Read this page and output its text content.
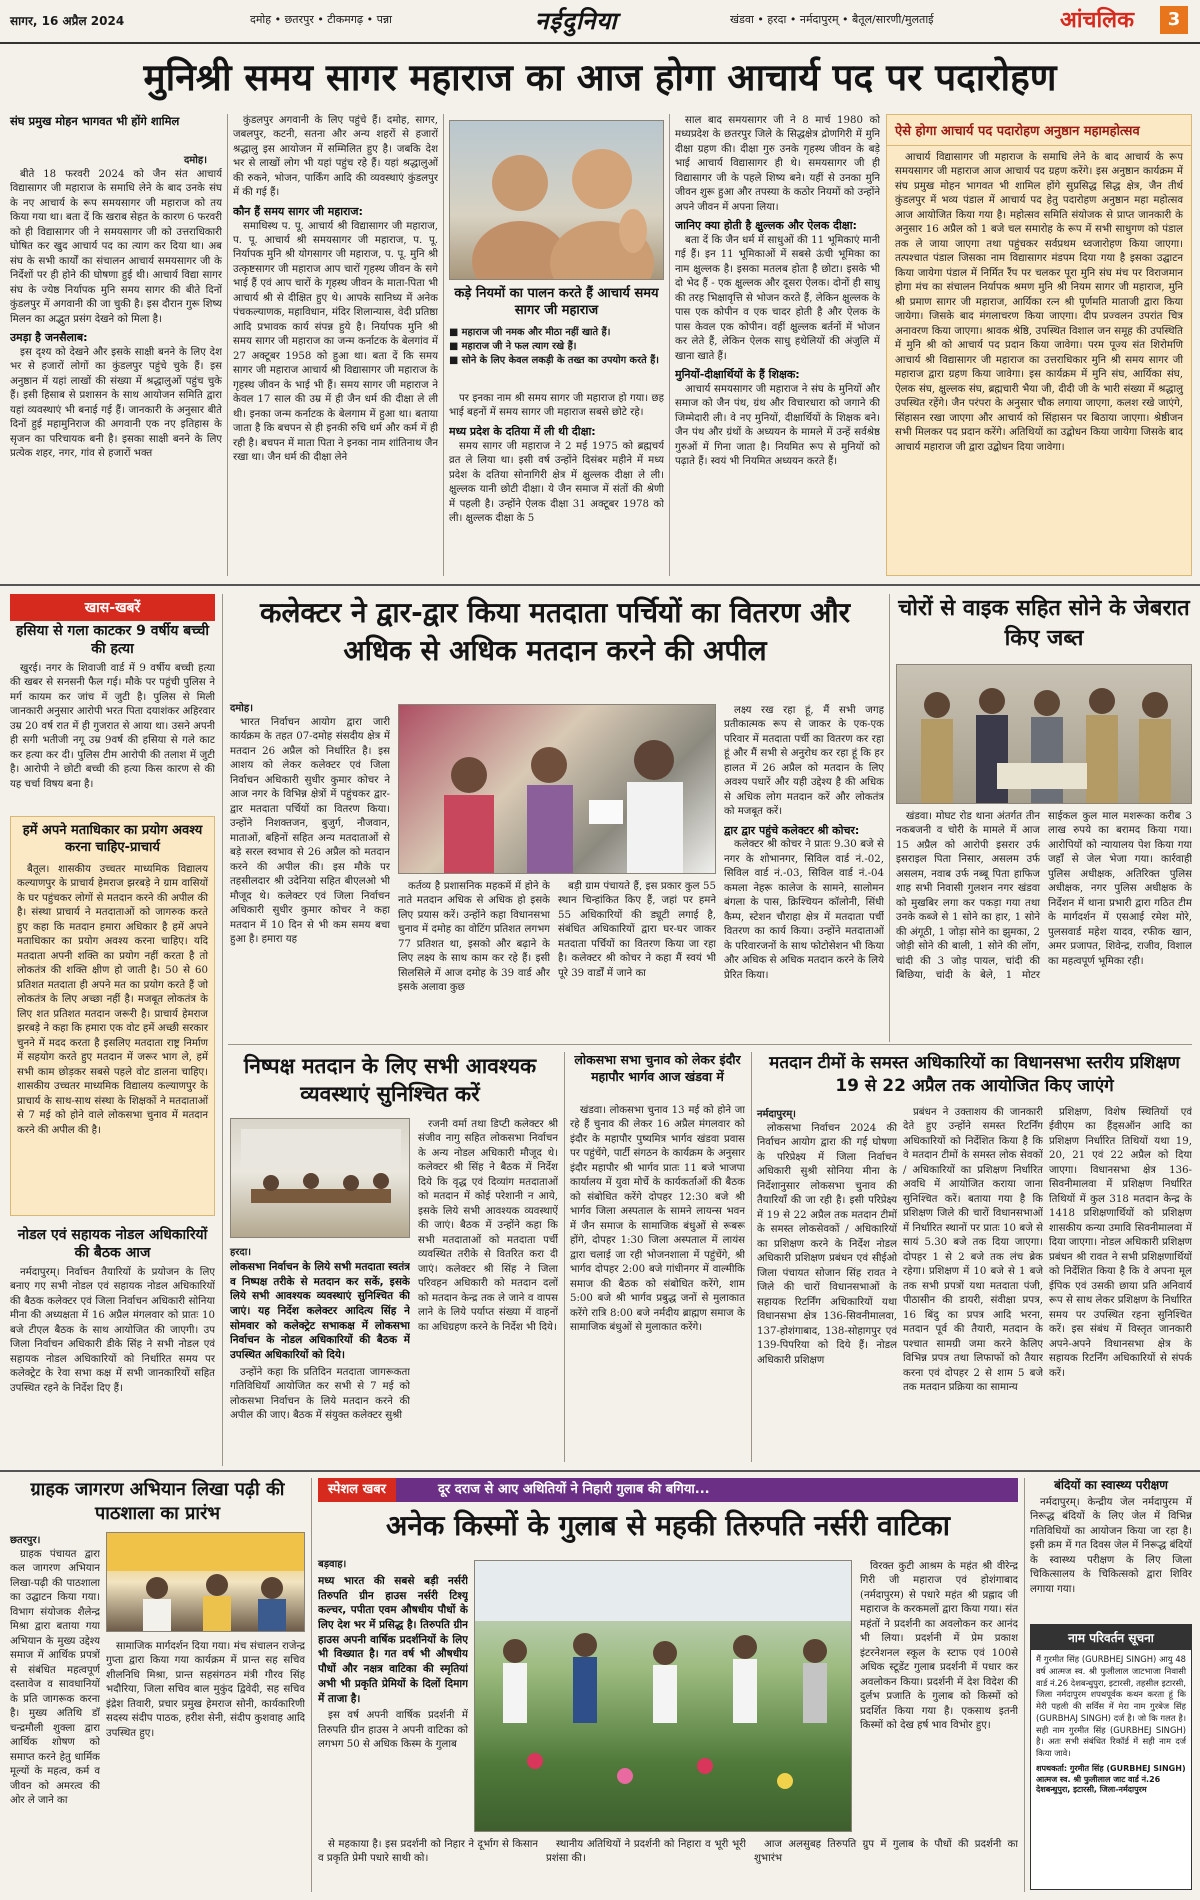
सागर, 16 अप्रैल 2024	दमोह • छतरपुर • टीकमगढ़ • पन्ना	नईदुनिया	खंडवा • हरदा • नर्मदापुरम् • बैतूल/सारणी/मुलताई	आंचलिक	3
मुनिश्री समय सागर महाराज का आज होगा आचार्य पद पर पदारोहण
संघ प्रमुख मोहन भागवत भी होंगे शामिल
दमोह।

बीते 18 फरवरी 2024 को जैन संत आचार्य विद्यासागर जी महाराज के समाधि लेने के बाद उनके संघ के नए आचार्य के रूप समयसागर जी महाराज को तय किया गया था। बता दें कि खराब सेहत के कारण 6 फरवरी को ही विद्यासागर जी ने समयसागर जी को उत्तराधिकारी घोषित कर खुद आचार्य पद का त्याग कर दिया था। अब संघ के सभी कार्यों का संचालन आचार्य समयसागर जी के निर्देशों पर ही होने की घोषणा हुई थी। आचार्य विद्या सागर संघ के ज्येष्ठ निर्यापक मुनि समय सागर की बीते दिनों कुंडलपुर में अगवानी की जा चुकी है। इस दौरान गुरू शिष्य मिलन का अद्भुत प्रसंग देखने को मिला है।

उमड़ा है जनसैलाब:

इस दृश्य को देखने और इसके साक्षी बनने के लिए देश भर से हजारों लोगों का कुंडलपुर पहुंचे चुके हैं। इस अनुष्ठान में यहां लाखों की संख्या में श्रद्धालुओं पहुंच चुके हैं। इसी हिसाब से प्रशासन के साथ आयोजन समिति द्वारा यहां व्यवस्थाएं भी बनाई गई हैं। जानकारी के अनुसार बीते दिनों हुई महामुनिराज की अगवानी एक नए इतिहास के सृजन का परिचायक बनी है। इसका साक्षी बनने के लिए प्रत्येक शहर, नगर, गांव से हजारों भक्त

कुंडलपुर अगवानी के लिए पहुंचे हैं। दमोह, सागर, जबलपुर, कटनी, सतना और अन्य शहरों से हजारों श्रद्धालु इस आयोजन में सम्मिलित हुए है। जबकि देश भर से लाखों लोग भी यहां पहुंच रहे हैं। यहां श्रद्धालुओं की रुकने, भोजन, पार्किंग आदि की व्यवस्थाएं कुंडलपुर में की गई हैं।

कौन हैं समय सागर जी महाराज:

समाधिस्थ प. पू. आचार्य श्री विद्यासागर जी महाराज, प. पू. आचार्य श्री समयसागर जी महाराज, प. पू. निर्यापक मुनि श्री योगसागर जी महाराज, प. पू. मुनि श्री उत्कृष्टसागर जी महाराज आप चारों गृहस्थ जीवन के सगे भाई हैं एवं आप चारों के गृहस्थ जीवन के माता-पिता भी आचार्य श्री से दीक्षित हुए थे। आपके सानिध्य में अनेक पंचकल्याणक, महाविधान, मंदिर शिलान्यास, वेदी प्रतिष्ठा आदि प्रभावक कार्य संपन्न हुये है। निर्यापक मुनि श्री समय सागर जी महाराज का जन्म कर्नाटक के बेलगांव में 27 अक्टूबर 1958 को हुआ था। बता दें कि समय सागर जी महाराज आचार्य श्री विद्यासागर जी महाराज के गृहस्थ जीवन के भाई भी हैं। समय सागर जी महाराज ने केवल 17 साल की उम्र में ही जैन धर्म की दीक्षा ले ली थी। इनका जन्म कर्नाटक के बेलगाम में हुआ था। बताया जाता है कि बचपन से ही इनकी रुचि धर्म और कर्म में ही रही है। बचपन में माता पिता ने इनका नाम शांतिनाथ जैन रखा था। जैन धर्म की दीक्षा लेने

कड़े नियमों का पालन करते हैं आचार्य समय सागर जी महाराज
■ महाराज जी नमक और मीठा नहीं खाते हैं।
■ महाराज जी ने फल त्याग रखे हैं।
■ सोने के लिए केवल लकड़ी के तख्त का उपयोग करते हैं।

पर इनका नाम श्री समय सागर जी महाराज हो गया। छह भाई बहनों में समय सागर जी महाराज सबसे छोटे रहे।

मध्य प्रदेश के दतिया में ली थी दीक्षा:

समय सागर जी महाराज ने 2 मई 1975 को ब्रह्मचर्य व्रत ले लिया था। इसी वर्ष उन्होंने दिसंबर महीने में मध्य प्रदेश के दतिया सोनागिरी क्षेत्र में क्षुल्लक दीक्षा ले ली। क्षुल्लक यानी छोटी दीक्षा। ये जैन समाज में संतों की श्रेणी में पहली है। उन्होंने ऐलक दीक्षा 31 अक्टूबर 1978 को ली। क्षुल्लक दीक्षा के 5

साल बाद समयसागर जी ने 8 मार्च 1980 को मध्यप्रदेश के छतरपुर जिले के सिद्धक्षेत्र द्रोणगिरी में मुनि दीक्षा ग्रहण की। दीक्षा गुरु उनके गृहस्थ जीवन के बड़े भाई आचार्य विद्यासागर ही थे। समयसागर जी ही विद्यासागर जी के पहले शिष्य बने। यहीं से उनका मुनि जीवन शुरू हुआ और तपस्या के कठोर नियमों को उन्होंने अपने जीवन में अपना लिया।

जानिए क्या होती है क्षुल्लक और ऐलक दीक्षा:

बता दें कि जैन धर्म में साधुओं की 11 भूमिकाएं मानी गई हैं। इन 11 भूमिकाओं में सबसे ऊंची भूमिका का नाम क्षुल्लक है। इसका मतलब होता है छोटा। इसके भी दो भेद हैं - एक क्षुल्लक और दूसरा ऐलक। दोनों ही साधु की तरह भिक्षावृत्ति से भोजन करते हैं, लेकिन क्षुल्लक के पास एक कोपीन व एक चादर होती है और ऐलक के पास केवल एक कोपीन। वहीं क्षुल्लक बर्तनों में भोजन कर लेते हैं, लेकिन ऐलक साधु हथेलियों की अंजुलि में खाना खाते हैं।

मुनियों-दीक्षार्थियों के हैं शिक्षक:

आचार्य समयसागर जी महाराज ने संघ के मुनियों और समाज को जैन पंथ, ग्रंथ और विचारधारा को जगाने की जिम्मेदारी ली। वे नए मुनियों, दीक्षार्थियों के शिक्षक बने। जैन पंथ और ग्रंथों के अध्ययन के मामले में उन्हें सर्वश्रेष्ठ गुरुओं में गिना जाता है। नियमित रूप से मुनियों को पढ़ाते हैं। स्वयं भी नियमित अध्ययन करते हैं।

ऐसे होगा आचार्य पद पदारोहण अनुष्ठान महामहोत्सव

आचार्य विद्यासागर जी महाराज के समाधि लेने के बाद आचार्य के रूप समयसागर जी महाराज आज आचार्य पद ग्रहण करेंगे। इस अनुष्ठान कार्यक्रम में संघ प्रमुख मोहन भागवत भी शामिल होंगे सुप्रसिद्ध सिद्ध क्षेत्र, जैन तीर्थ कुंडलपुर में भव्य पंडाल में आचार्य पद हेतु पदारोहण अनुष्ठान महा महोत्सव आज आयोजित किया गया है। महोत्सव समिति संयोजक से प्राप्त जानकारी के अनुसार 16 अप्रैल को 1 बजे चल समारोह के रूप में सभी साधुगण को पंडाल तक ले जाया जाएगा तथा पहुंचकर सर्वप्रथम ध्वजारोहण किया जाएगा। तत्पश्चात पंडाल जिसका नाम विद्यासागर मंडपम दिया गया है इसका उद्घाटन किया जायेगा पंडाल में निर्मित रैंप पर चलकर पूरा मुनि संघ मंच पर विराजमान होगा मंच का संचालन निर्यापक श्रमण मुनि श्री नियम सागर जी महाराज, मुनि श्री प्रमाण सागर जी महाराज, आर्यिका रत्न श्री पूर्णमति माताजी द्वारा किया जायेगा। जिसके बाद मंगलाचरण किया जाएगा। दीप प्रज्वलन उपरांत चित्र अनावरण किया जाएगा। श्रावक श्रेष्ठि, उपस्थित विशाल जन समूह की उपस्थिति में मुनि श्री को आचार्य पद प्रदान किया जावेगा। परम पूज्य संत शिरोमणि आचार्य श्री विद्यासागर जी महाराज का उत्तराधिकार मुनि श्री समय सागर जी महाराज द्वारा ग्रहण किया जावेगा। इस कार्यक्रम में मुनि संघ, आर्यिका संघ, ऐलक संघ, क्षुल्लक संघ, ब्रह्मचारी भैया जी, दीदी जी के भारी संख्या में श्रद्धालु उपस्थित रहेंगे। जैन परंपरा के अनुसार चौक लगाया जाएगा, कलश रखे जाएंगे, सिंहासन रखा जाएगा और आचार्य को सिंहासन पर बिठाया जाएगा। श्रेष्ठीजन सभी मिलकर पद प्रदान करेंगे। अतिथियों का उद्बोधन किया जायेगा जिसके बाद आचार्य महाराज जी द्वारा उद्बोधन दिया जावेगा।

खास-खबरें
हसिया से गला काटकर 9 वर्षीय बच्ची की हत्या

खुरई। नगर के शिवाजी वार्ड में 9 वर्षीय बच्ची हत्या की खबर से सनसनी फैल गई। मौके पर पहुंची पुलिस ने मर्ग कायम कर जांच में जुटी है। पुलिस से मिली जानकारी अनुसार आरोपी भरत पिता दयाशंकर अहिरवार उम्र 20 वर्ष रात में ही गुजरात से आया था। उसने अपनी ही सगी भतीजी नगू उम्र 9वर्ष की हसिया से गले काट कर हत्या कर दी। पुलिस टीम आरोपी की तलाश में जुटी है। आरोपी ने छोटी बच्ची की हत्या किस कारण से की यह चर्चा विषय बना है।

हमें अपने मताधिकार का प्रयोग अवश्य करना चाहिए-प्राचार्य

बैतूल। शासकीय उच्चतर माध्यमिक विद्यालय कल्याणपुर के प्राचार्य हेमराज झरबड़े ने ग्राम वासियों के घर पहुंचकर लोगों से मतदान करने की अपील की है। संस्था प्राचार्य ने मतदाताओं को जागरुक करते हुए कहा कि मतदान हमारा अधिकार है हमें अपने मताधिकार का प्रयोग अवश्य करना चाहिए। यदि मतदाता अपनी शक्ति का प्रयोग नहीं करता है तो लोकतंत्र की शक्ति क्षीण हो जाती है। 50 से 60 प्रतिशत मतदाता ही अपने मत का प्रयोग करते हैं जो लोकतंत्र के लिए अच्छा नहीं है। मजबूत लोकतंत्र के लिए शत प्रतिशत मतदान जरूरी है। प्राचार्य हेमराज झरबड़े ने कहा कि हमारा एक वोट हमें अच्छी सरकार चुनने में मदद करता है इसलिए मतदाता राष्ट्र निर्माण में सहयोग करते हुए मतदान में जरूर भाग ले, हमें सभी काम छोड़कर सबसे पहले वोट डालना चाहिए। शासकीय उच्चतर माध्यमिक विद्यालय कल्याणपुर के प्राचार्य के साथ-साथ संस्था के शिक्षकों ने मतदाताओं से 7 मई को होने वाले लोकसभा चुनाव में मतदान करने की अपील की है।

नोडल एवं सहायक नोडल अधिकारियों की बैठक आज

नर्मदापुरम्। निर्वाचन तैयारियों के प्रयोजन के लिए बनाए गए सभी नोडल एवं सहायक नोडल अधिकारियों की बैठक कलेक्टर एवं जिला निर्वाचन अधिकारी सोनिया मीना की अध्यक्षता में 16 अप्रैल मंगलवार को प्रातः 10 बजे टीएल बैठक के साथ आयोजित की जाएगी। उप जिला निर्वाचन अधिकारी डीके सिंह ने सभी नोडल एवं सहायक नोडल अधिकारियों को निर्धारित समय पर कलेक्ट्रेट के रेवा सभा कक्ष में सभी जानकारियों सहित उपस्थित रहने के निर्देश दिए हैं।

कलेक्टर ने द्वार-द्वार किया मतदाता पर्चियों का वितरण और अधिक से अधिक मतदान करने की अपील
दमोह।

भारत निर्वाचन आयोग द्वारा जारी कार्यक्रम के तहत 07-दमोह संसदीय क्षेत्र में मतदान 26 अप्रैल को निर्धारित है। इस आशय को लेकर कलेक्टर एवं जिला निर्वाचन अधिकारी सुधीर कुमार कोचर ने आज नगर के विभिन्न क्षेत्रों में पहुंचकर द्वार-द्वार मतदाता पर्चियों का वितरण किया। उन्होंने निशक्तजन, बुजुर्ग, नौजवान, माताओं, बहिनों सहित अन्य मतदाताओं से बड़े सरल स्वभाव से 26 अप्रैल को मतदान करने की अपील की। इस मौके पर तहसीलदार श्री उदेनिया सहित बीएलओ भी मौजूद थे। कलेक्टर एवं जिला निर्वाचन अधिकारी सुधीर कुमार कोचर ने कहा मतदान में 10 दिन से भी कम समय बचा हुआ है। हमारा यह

कर्तव्य है प्रशासनिक महकमें में होने के नाते मतदान अधिक से अधिक हो इसके लिए प्रयास करें। उन्होंने कहा विधानसभा चुनाव में दमोह का वोटिंग प्रतिशत लगभग 77 प्रतिशत था, इसको और बढ़ाने के लिए लक्ष्य के साथ काम कर रहे हैं। इसी सिलसिले में आज दमोह के 39 वार्ड और इसके अलावा कुछ

बड़ी ग्राम पंचायते हैं, इस प्रकार कुल 55 स्थान चिन्हांकित किए हैं, जहां पर हमने 55 अधिकारियों की ड्यूटी लगाई है, संबंधित अधिकारियों द्वारा घर-घर जाकर मतदाता पर्चियों का वितरण किया जा रहा है। कलेक्टर श्री कोचर ने कहा मैं स्वयं भी पूरे 39 वार्डों में जाने का

लक्ष्य रख रहा हूं, मैं सभी जगह प्रतीकात्मक रूप से जाकर के एक-एक परिवार में मतदाता पर्ची का वितरण कर रहा हूं और मैं सभी से अनुरोध कर रहा हूं कि हर हालत में 26 अप्रैल को मतदान के लिए अवश्य पधारें और यही उद्देश्य है की अधिक से अधिक लोग मतदान करें और लोकतंत्र को मजबूत करें।

द्वार द्वार पहुंचे कलेक्टर श्री कोचर:

कलेक्टर श्री कोचर ने प्रातः 9.30 बजे से नगर के शोभानगर, सिविल वार्ड नं.-02, सिविल वार्ड नं.-03, सिविल वार्ड नं.-04 कमला नेहरू कालेज के सामने, सालोमन बंगला के पास, क्रिश्चियन कॉलोनी, सिंधी कैम्प, स्टेशन चौराहा क्षेत्र में मतदाता पर्ची वितरण का कार्य किया। उन्होंने मतदाताओं के परिवारजनों के साथ फोटोसेशन भी किया और अधिक से अधिक मतदान करने के लिये प्रेरित किया।

चोरों से वाइक सहित सोने के जेबरात किए जब्त

खंडवा। मोघट रोड थाना अंतर्गत तीन नकबजनी व चोरी के मामले में आज 15 अप्रैल को आरोपी इसरार उर्फ इसराइल पिता निसार, असलम उर्फ असलम, नवाब उर्फ नब्बू पिता हाफिज शाह सभी निवासी गुलशन नगर खंडवा को मुखबिर लगा कर पकड़ा गया तथा उनके कब्जे से 1 सोने का हार, 1 सोने की अंगूठी, 1 जोड़ा सोने का झुमका, 2 जोड़ी सोने की बाली, 1 सोने की लोंग, चांदी की 3 जोड़ पायल, चांदी की बिछिया, चांदी के बेले, 1 मोटर साईकल कुल माल मशरूका करीब 3 लाख रुपये का बरामद किया गया। आरोपियों को न्यायालय पेश किया गया जहाँ से जेल भेजा गया। कार्रवाही पुलिस अधीक्षक, अतिरिक्त पुलिस अधीक्षक, नगर पुलिस अधीक्षक के निर्देशन में थाना प्रभारी द्वारा गठित टीम के मार्गदर्शन में एसआई रमेश मोरे, पुलसवार्ड महेश यादव, रफीक खान, अमर प्रजापत, शिवेन्द्र, राजीव, विशाल का महत्वपूर्ण भूमिका रही।

निष्पक्ष मतदान के लिए सभी आवश्यक व्यवस्थाएं सुनिश्चित करें
हरदा।

लोकसभा निर्वाचन के लिये सभी मतदाता स्वतंत्र व निष्पक्ष तरीके से मतदान कर सकें, इसके लिये सभी आवश्यक व्यवस्थाएं सुनिश्चित की जाएं। यह निर्देश कलेक्टर आदित्य सिंह ने सोमवार को कलेक्ट्रेट सभाकक्ष में लोकसभा निर्वाचन के नोडल अधिकारियों की बैठक में उपस्थित अधिकारियों को दिये।

उन्होंने कहा कि प्रतिदिन मतदाता जागरूकता गतिविधियाँ आयोजित कर सभी से 7 मई को लोकसभा निर्वाचन के लिये मतदान करने की अपील की जाए। बैठक में संयुक्त कलेक्टर सुश्री

रजनी वर्मा तथा डिप्टी कलेक्टर श्री संजीव नागु सहित लोकसभा निर्वाचन के अन्य नोडल अधिकारी मौजूद थे। कलेक्टर श्री सिंह ने बैठक में निर्देश दिये कि वृद्ध एवं दिव्यांग मतदाताओं को मतदान में कोई परेशानी न आये, इसके लिये सभी आवश्यक व्यवस्थाऐं की जाएं। बैठक में उन्होंने कहा कि सभी मतदाताओं को मतदाता पर्ची व्यवस्थित तरीके से वितरित करा दी जाएं। कलेक्टर श्री सिंह ने जिला परिवहन अधिकारी को मतदान दलों को मतदान केन्द्र तक ले जाने व वापस लाने के लिये पर्याप्त संख्या में वाहनों का अधिग्रहण करने के निर्देश भी दिये।

लोकसभा सभा चुनाव को लेकर इंदौर महापौर भार्गव आज खंडवा में

खंडवा। लोकसभा चुनाव 13 मई को होने जा रहे हैं चुनाव की लेकर 16 अप्रैल मंगलवार को इंदौर के महापौर पुष्यमित्र भार्गव खंडवा प्रवास पर पहुंचेंगे, पार्टी संगठन के कार्यक्रम के अनुसार इंदौर महापौर श्री भार्गव प्रातः 11 बजे भाजपा कार्यालय में युवा मोर्चे के कार्यकर्ताओं की बैठक को संबोधित करेंगे दोपहर 12:30 बजे श्री भार्गव जिला अस्पताल के सामने लायन्स भवन में जैन समाज के सामाजिक बंधुओं से रूबरू होंगे, दोपहर 1:30 जिला अस्पताल में लायंस द्वारा चलाई जा रही भोजनशाला में पहुंचेंगे, श्री भार्गव दोपहर 2:00 बजे गांधीनगर में वाल्मीकि समाज की बैठक को संबोधित करेंगे, शाम 5:00 बजे श्री भार्गव प्रबुद्ध जनों से मुलाकात करेंगे रात्रि 8:00 बजे नर्मदीय ब्राह्मण समाज के सामाजिक बंधुओं से मुलाकात करेंगे।

मतदान टीमों के समस्त अधिकारियों का विधानसभा स्तरीय प्रशिक्षण 19 से 22 अप्रैल तक आयोजित किए जाएंगे
नर्मदापुरम्।

लोकसभा निर्वाचन 2024 की निर्वाचन आयोग द्वारा की गई घोषणा के परिप्रेक्ष्य में जिला निर्वाचन अधिकारी सुश्री सोनिया मीना के निर्देशानुसार लोकसभा चुनाव की तैयारियाँ की जा रही है। इसी परिप्रेक्ष्य में 19 से 22 अप्रैल तक मतदान टीमों के समस्त लोकसेवकों / अधिकारियों का प्रशिक्षण करने के निर्देश नोडल अधिकारी प्रशिक्षण प्रबंधन एवं सीईओ जिला पंचायत सोजान सिंह रावत ने जिले की चारों विधानसभाओं के सहायक रिटर्निंग अधिकारियों यथा विधानसभा क्षेत्र 136-सिवनीमालवा, 137-होशंगाबाद, 138-सोहागपुर एवं 139-पिपरिया को दिये हैं। नोडल अधिकारी प्रशिक्षण

प्रबंधन ने उक्ताशय की जानकारी देते हुए उन्होंने समस्त रिटर्निंग अधिकारियों को निर्देशित किया है कि वे मतदान टीमों के समस्त लोक सेवकों / अधिकारियों का प्रशिक्षण निर्धारित अवधि में आयोजित कराया जाना सुनिश्चित करें। बताया गया है कि प्रशिक्षण जिले की चारों विधानसभाओं में निर्धारित स्थानों पर प्रातः 10 बजे से सायं 5.30 बजे तक दिया जाएगा। दोपहर 1 से 2 बजे तक लंच ब्रेक रहेगा। प्रशिक्षण में 10 बजे से 1 बजे तक सभी प्रपत्रों यथा मतदाता पंजी, पीठासीन की डायरी, संवीक्षा प्रपत्र, 16 बिंदु का प्रपत्र आदि भरना, मतदान पूर्व की तैयारी, मतदान के पश्चात सामग्री जमा करने केलिए विभिन्न प्रपत्र तथा लिफाफों को तैयार करना एवं दोपहर 2 से शाम 5 बजे तक मतदान प्रक्रिया का सामान्य

प्रशिक्षण, विशेष स्थितियों एवं ईवीएम का हैंड्सऑन आदि का प्रशिक्षण निर्धारित तिथियों यथा 19, 20, 21 एवं 22 अप्रैल को दिया जाएगा। विधानसभा क्षेत्र 136-सिवनीमालवा में प्रशिक्षण निर्धारित तिथियों में कुल 318 मतदान केन्द्र के 1418 प्रशिक्षणार्थियों को प्रशिक्षण शासकीय कन्या उमावि सिवनीमालवा में दिया जाएगा। नोडल अधिकारी प्रशिक्षण प्रबंधन श्री रावत ने सभी प्रशिक्षणार्थियों को निर्देशित किया है कि वे अपना मूल ईपिक एवं उसकी छाया प्रति अनिवार्य रूप से साथ लेकर प्रशिक्षण के निर्धारित समय पर उपस्थित रहना सुनिश्चित करें। इस संबंध में विस्तृत जानकारी अपने-अपने विधानसभा क्षेत्र के सहायक रिटर्निंग अधिकारियों से संपर्क करें।

ग्राहक जागरण अभियान लिखा पढ़ी की पाठशाला का प्रारंभ
छतरपुर।

ग्राहक पंचायत द्वारा कल जागरण अभियान लिखा-पढ़ी की पाठशाला का उद्घाटन किया गया। विभाग संयोजक शैलेन्द्र मिश्रा द्वारा बताया गया अभियान के मुख्य उद्देश्य समाज में आर्थिक प्रपत्रों से संबंधित महत्वपूर्ण दस्तावेज व सावधानियों के प्रति जागरूक करना है। मुख्य अतिथि डॉ चन्द्रमौली शुक्ला द्वारा आर्थिक शोषण को समाप्त करने हेतु धार्मिक मूल्यों के महत्व, कर्म व जीवन को अमरत्व की ओर ले जाने का

सामाजिक मार्गदर्शन दिया गया। मंच संचालन राजेन्द्र गुप्ता द्वारा किया गया कार्यक्रम में प्रान्त सह सचिव शीलनिधि मिश्रा, प्रान्त सहसंगठन मंत्री गौरव सिंह भदौरिया, जिला सचिव बाल मुकुंद द्विवेदी, सह सचिव इंद्रेश तिवारी, प्रचार प्रमुख हेमराज सोनी, कार्यकारिणी सदस्य संदीप पाठक, हरीश सेनी, संदीप कुशवाह आदि उपस्थित हुए।

स्पेशल खबर	दूर दराज से आए अथितियों ने निहारी गुलाब की बगिया...
अनेक किस्मों के गुलाब से महकी तिरुपति नर्सरी वाटिका
बड़वाह।

मध्य भारत की सबसे बड़ी नर्सरी तिरुपति ग्रीन हाउस नर्सरी टिश्यू कल्चर, पपीता एवम औषधीय पौधों के लिए देश भर में प्रसिद्ध है। तिरुपति ग्रीन हाउस अपनी वार्षिक प्रदर्शनियों के लिए भी विख्यात है। गत वर्ष भी औषधीय पौधों और नक्षत्र वाटिका की स्मृतियां अभी भी प्रकृति प्रेमियों के दिलों दिमाग में ताजा है।

इस वर्ष अपनी वार्षिक प्रदर्शनी में तिरुपति ग्रीन हाउस ने अपनी वाटिका को लगभग 50 से अधिक किस्म के गुलाब

विरक्त कुटी आश्रम के महंत श्री वीरेन्द्र गिरी जी महाराज एवं होशंगाबाद (नर्मदापुरम) से पधारे महंत श्री प्रह्लाद जी महाराज के करकमलों द्वारा किया गया। संत महंतों ने प्रदर्शनी का अवलोकन कर आनंद भी लिया। प्रदर्शनी में प्रेम प्रकाश इंटरनेशनल स्कूल के स्टाफ एवं 100से अधिक स्टूडेंट गुलाब प्रदर्शनी में पधार कर अवलोकन किया। प्रदर्शनी में देश विदेश की दुर्लभ प्रजाति के गुलाब को किस्मों को प्रदर्शित किया गया है। एकसाथ इतनी किस्मों को देख हर्ष भाव विभोर हुए।

से महकाया है। इस प्रदर्शनी को निहार ने दूर्भाग से किसान व प्रकृति प्रेमी पधारे साथी को।

स्थानीय अतिथियों ने प्रदर्शनी को निहारा व भूरी भूरी प्रशंसा की।

आज अलसुबह तिरुपति ग्रुप में गुलाब के पौधों की प्रदर्शनी का शुभारंभ

बंदियों का स्वास्थ्य परीक्षण

नर्मदापुरम्। केन्द्रीय जेल नर्मदापुरम में निरूद्ध बंदियों के लिए जेल में विभिन्न गतिविधियों का आयोजन किया जा रहा है। इसी क्रम में गत दिवस जेल में निरूद्ध बंदियों के स्वास्थ्य परीक्षण के लिए जिला चिकित्सालय के चिकित्सको द्वारा शिविर लगाया गया।

नाम परिवर्तन सूचना
मैं गुरमीत सिंह (GURBHEJ SINGH) आयु 48 वर्ष आत्मज स्व. श्री फुलीलाल जाटभाजा निवासी वार्ड नं.26 देशबन्धुपुरा, इटारसी, तहसील इटारसी, जिला नर्मदापुरम शपथपूर्वक कथन करता हूं कि मेरी पहली की सर्विस में मेरा नाम गुरबेज सिंह (GURBHAJ SINGH) दर्ज है। जो कि गलत है। सही नाम गुरमीत सिंह (GURBHEJ SINGH) है। अतः सभी संबंधित रिकॉर्ड में सही नाम दर्ज किया जावे।
शपथकर्ता: गुरमीत सिंह (GURBHEJ SINGH) आत्मज स्व. श्री फुलीलाल जाट वार्ड नं.26 देशबन्धुपुरा, इटारसी, जिला-नर्मदापुरम
